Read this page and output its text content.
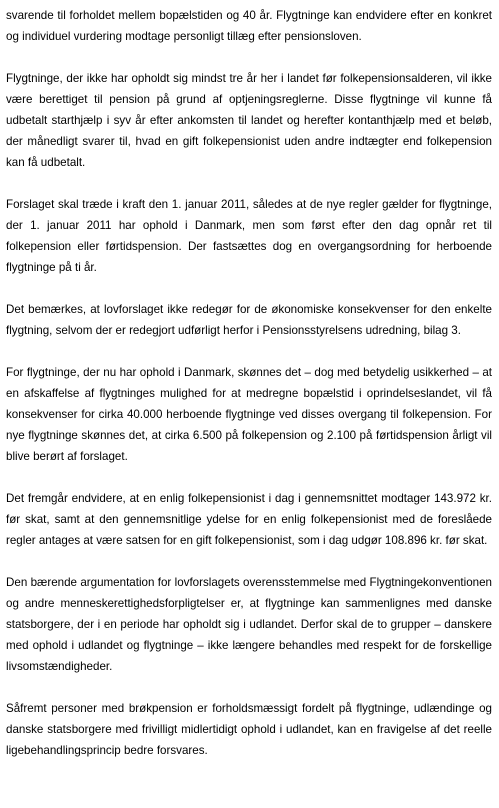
svarende til forholdet mellem bopælstiden og 40 år. Flygtninge kan endvidere efter en konkret og individuel vurdering modtage personligt tillæg efter pensionsloven.

Flygtninge, der ikke har opholdt sig mindst tre år her i landet før folkepensionsalderen, vil ikke være berettiget til pension på grund af optjeningsreglerne. Disse flygtninge vil kunne få udbetalt starthjælp i syv år efter ankomsten til landet og herefter kontanthjælp med et beløb, der månedligt svarer til, hvad en gift folkepensionist uden andre indtægter end folkepension kan få udbetalt.

Forslaget skal træde i kraft den 1. januar 2011, således at de nye regler gælder for flygtninge, der 1. januar 2011 har ophold i Danmark, men som først efter den dag opnår ret til folkepension eller førtidspension. Der fastsættes dog en overgangsordning for herboende flygtninge på ti år.

Det bemærkes, at lovforslaget ikke redegør for de økonomiske konsekvenser for den enkelte flygtning, selvom der er redegjort udførligt herfor i Pensionsstyrelsens udredning, bilag 3.

For flygtninge, der nu har ophold i Danmark, skønnes det – dog med betydelig usikkerhed – at en afskaffelse af flygtninges mulighed for at medregne bopælstid i oprindelseslandet, vil få konsekvenser for cirka 40.000 herboende flygtninge ved disses overgang til folkepension. For nye flygtninge skønnes det, at cirka 6.500 på folkepension og 2.100 på førtidspension årligt vil blive berørt af forslaget.

Det fremgår endvidere, at en enlig folkepensionist i dag i gennemsnittet modtager 143.972 kr. før skat, samt at den gennemsnitlige ydelse for en enlig folkepensionist med de foreslåede regler antages at være satsen for en gift folkepensionist, som i dag udgør 108.896 kr. før skat.

Den bærende argumentation for lovforslagets overensstemmelse med Flygtningekonventionen og andre menneskerettighedsforpligtelser er, at flygtninge kan sammenlignes med danske statsborgere, der i en periode har opholdt sig i udlandet. Derfor skal de to grupper – danskere med ophold i udlandet og flygtninge – ikke længere behandles med respekt for de forskellige livsomstændigheder.

Såfremt personer med brøkpension er forholdsmæssigt fordelt på flygtninge, udlændinge og danske statsborgere med frivilligt midlertidigt ophold i udlandet, kan en fravigelse af det reelle ligebehandlingsprincip bedre forsvares.
